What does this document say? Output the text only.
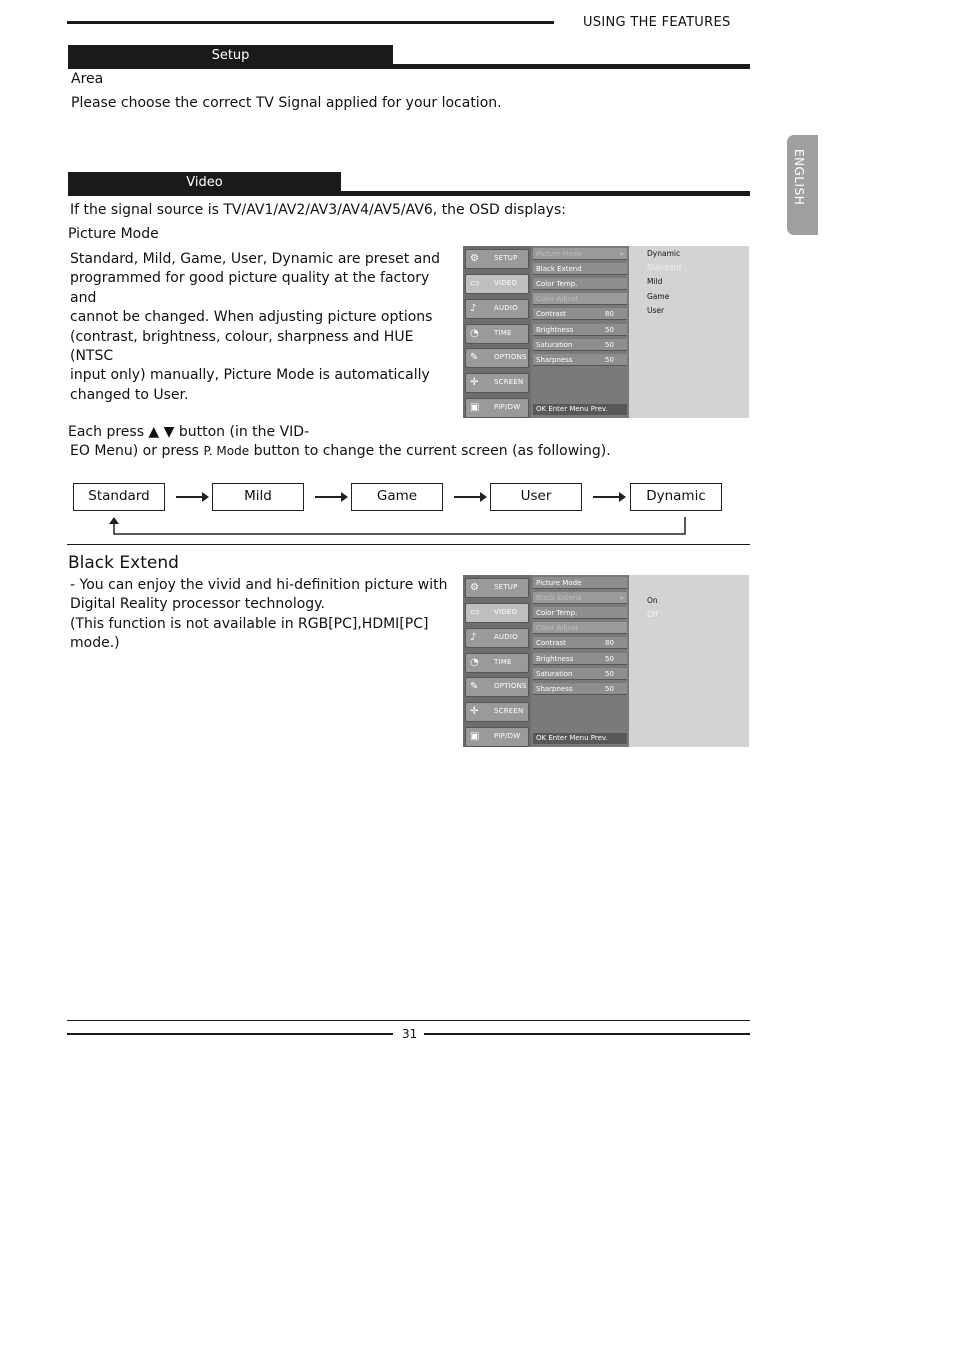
USING THE FEATURES
ENGLISH
Setup
Area
Please choose the correct TV Signal applied for your location.
Video
If the signal source is TV/AV1/AV2/AV3/AV4/AV5/AV6, the OSD displays:
Picture Mode
Standard, Mild, Game, User, Dynamic are preset and
programmed for good picture quality at the factory and
cannot be changed. When adjusting picture options
(contrast, brightness, colour, sharpness and HUE (NTSC
input only) manually, Picture Mode is automatically
changed to User.
⚙	SETUP
▭	VIDEO
♪	AUDIO
◔	TIME
✎	OPTIONS
✛	SCREEN
▣	PIP/DW
Picture Mode	▸
Black Extend
Color Temp.
Color Adjust
Contrast	80
Brightness	50
Saturation	50
Sharpness	50
OK Enter Menu Prev.
Dynamic
Standard
Mild
Game
User
Each press ▲ ▼ button (in the VID-
EO Menu) or press P. Mode button to change the current screen (as following).
Standard	Mild	Game	User	Dynamic
Black Extend
- You can enjoy the vivid and hi-definition picture with
Digital Reality processor technology.
(This function is not available in RGB[PC],HDMI[PC]
mode.)
⚙	SETUP
▭	VIDEO
♪	AUDIO
◔	TIME
✎	OPTIONS
✛	SCREEN
▣	PIP/DW
Picture Mode
Black Extend	▸
Color Temp.
Color Adjust
Contrast	80
Brightness	50
Saturation	50
Sharpness	50
OK Enter Menu Prev.
On
Off
31
